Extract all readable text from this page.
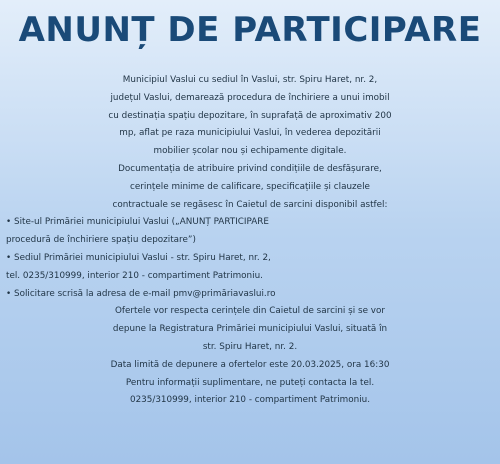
ANUNȚ DE PARTICIPARE
Municipiul Vaslui cu sediul în Vaslui, str. Spiru Haret, nr. 2,
județul Vaslui, demarează procedura de închiriere a unui imobil
cu destinația spațiu depozitare, în suprafață de aproximativ 200
mp, aflat pe raza municipiului Vaslui, în vederea depozitării
mobilier școlar nou și echipamente digitale.
Documentația de atribuire privind condițiile de desfășurare,
cerințele minime de calificare, specificațiile și clauzele
contractuale se regăsesc în Caietul de sarcini disponibil astfel:
• Site-ul Primăriei municipiului Vaslui („ANUNȚ PARTICIPARE
procedură de închiriere spațiu depozitare”)
• Sediul Primăriei municipiului Vaslui - str. Spiru Haret, nr. 2,
tel. 0235/310999, interior 210 - compartiment Patrimoniu.
• Solicitare scrisă la adresa de e-mail pmv@primăriavaslui.ro
Ofertele vor respecta cerințele din Caietul de sarcini și se vor
depune la Registratura Primăriei municipiului Vaslui, situată în
str. Spiru Haret, nr. 2.
Data limită de depunere a ofertelor este 20.03.2025, ora 16:30
Pentru informații suplimentare, ne puteți contacta la tel.
0235/310999, interior 210 - compartiment Patrimoniu.
